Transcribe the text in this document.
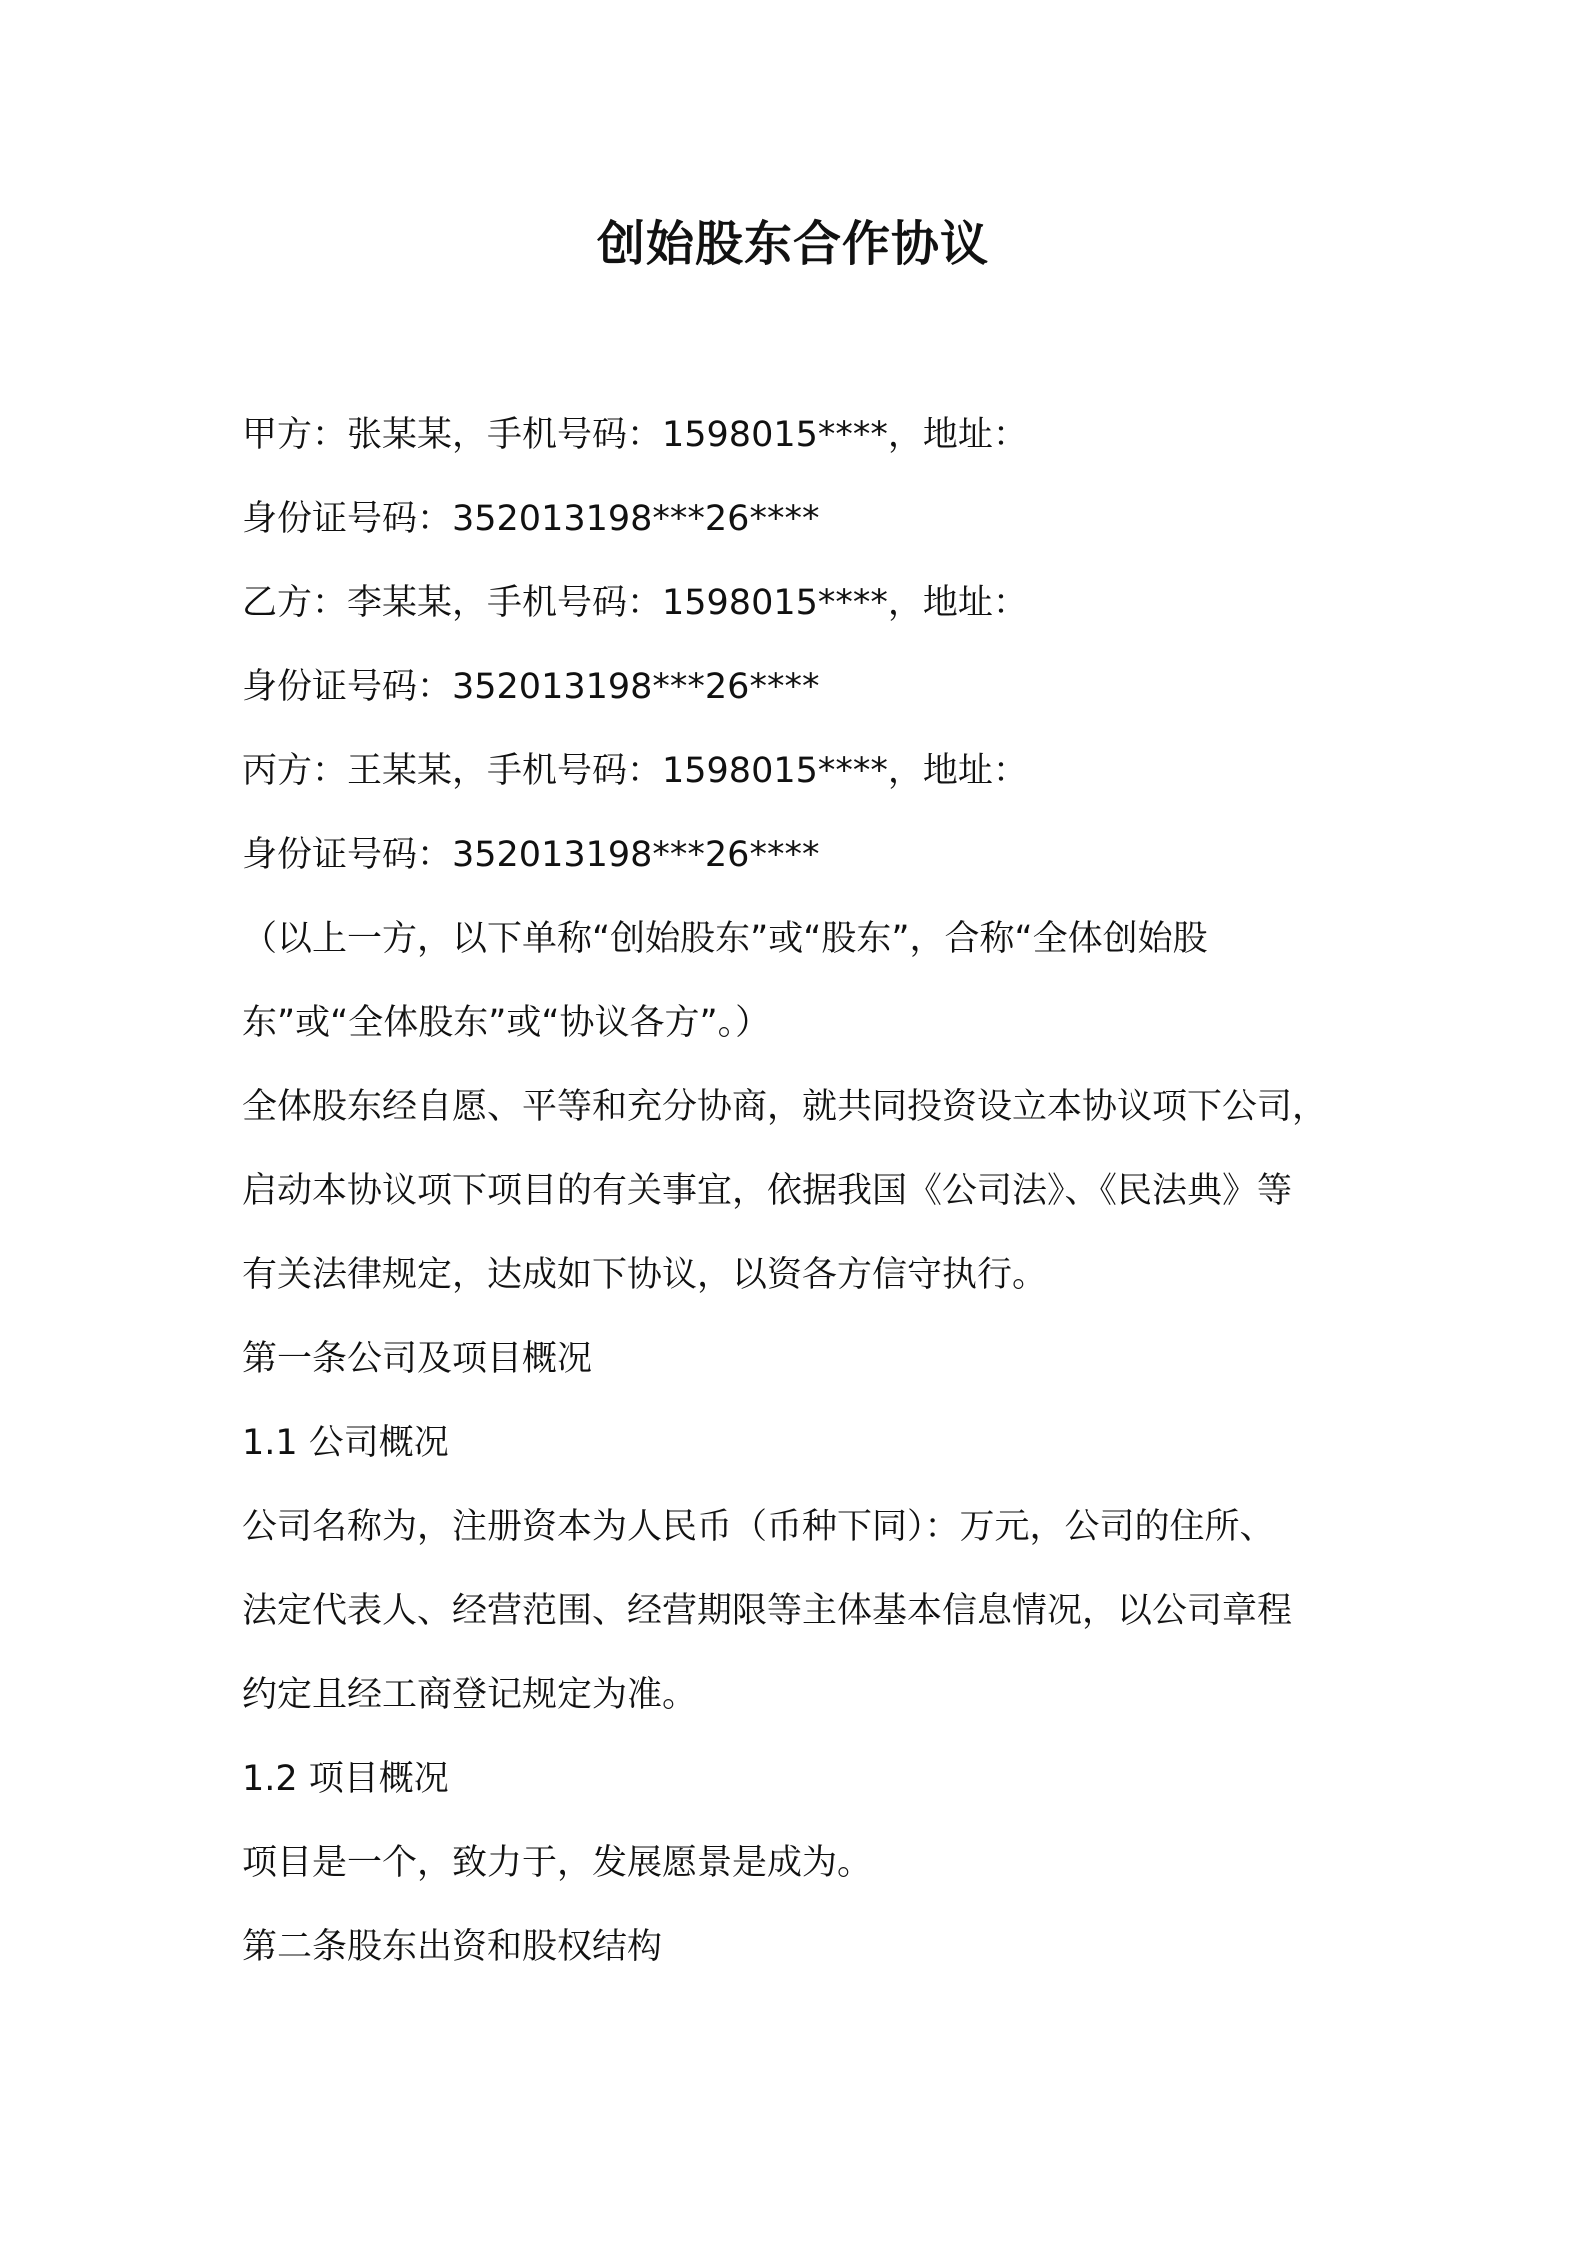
创始股东合作协议
甲方：张某某，手机号码：1598015****，地址：
身份证号码：352013198***26****
乙方：李某某，手机号码：1598015****，地址：
身份证号码：352013198***26****
丙方：王某某，手机号码：1598015****，地址：
身份证号码：352013198***26****
（以上一方，以下单称“创始股东”或“股东”，合称“全体创始股
东”或“全体股东”或“协议各方”。）
全体股东经自愿、平等和充分协商，就共同投资设立本协议项下公司，
启动本协议项下项目的有关事宜，依据我国《公司法》、《民法典》等
有关法律规定，达成如下协议，以资各方信守执行。
第一条公司及项目概况
1.1 公司概况
公司名称为，注册资本为人民币（币种下同）：万元，公司的住所、
法定代表人、经营范围、经营期限等主体基本信息情况，以公司章程
约定且经工商登记规定为准。
1.2 项目概况
项目是一个，致力于，发展愿景是成为。
第二条股东出资和股权结构
